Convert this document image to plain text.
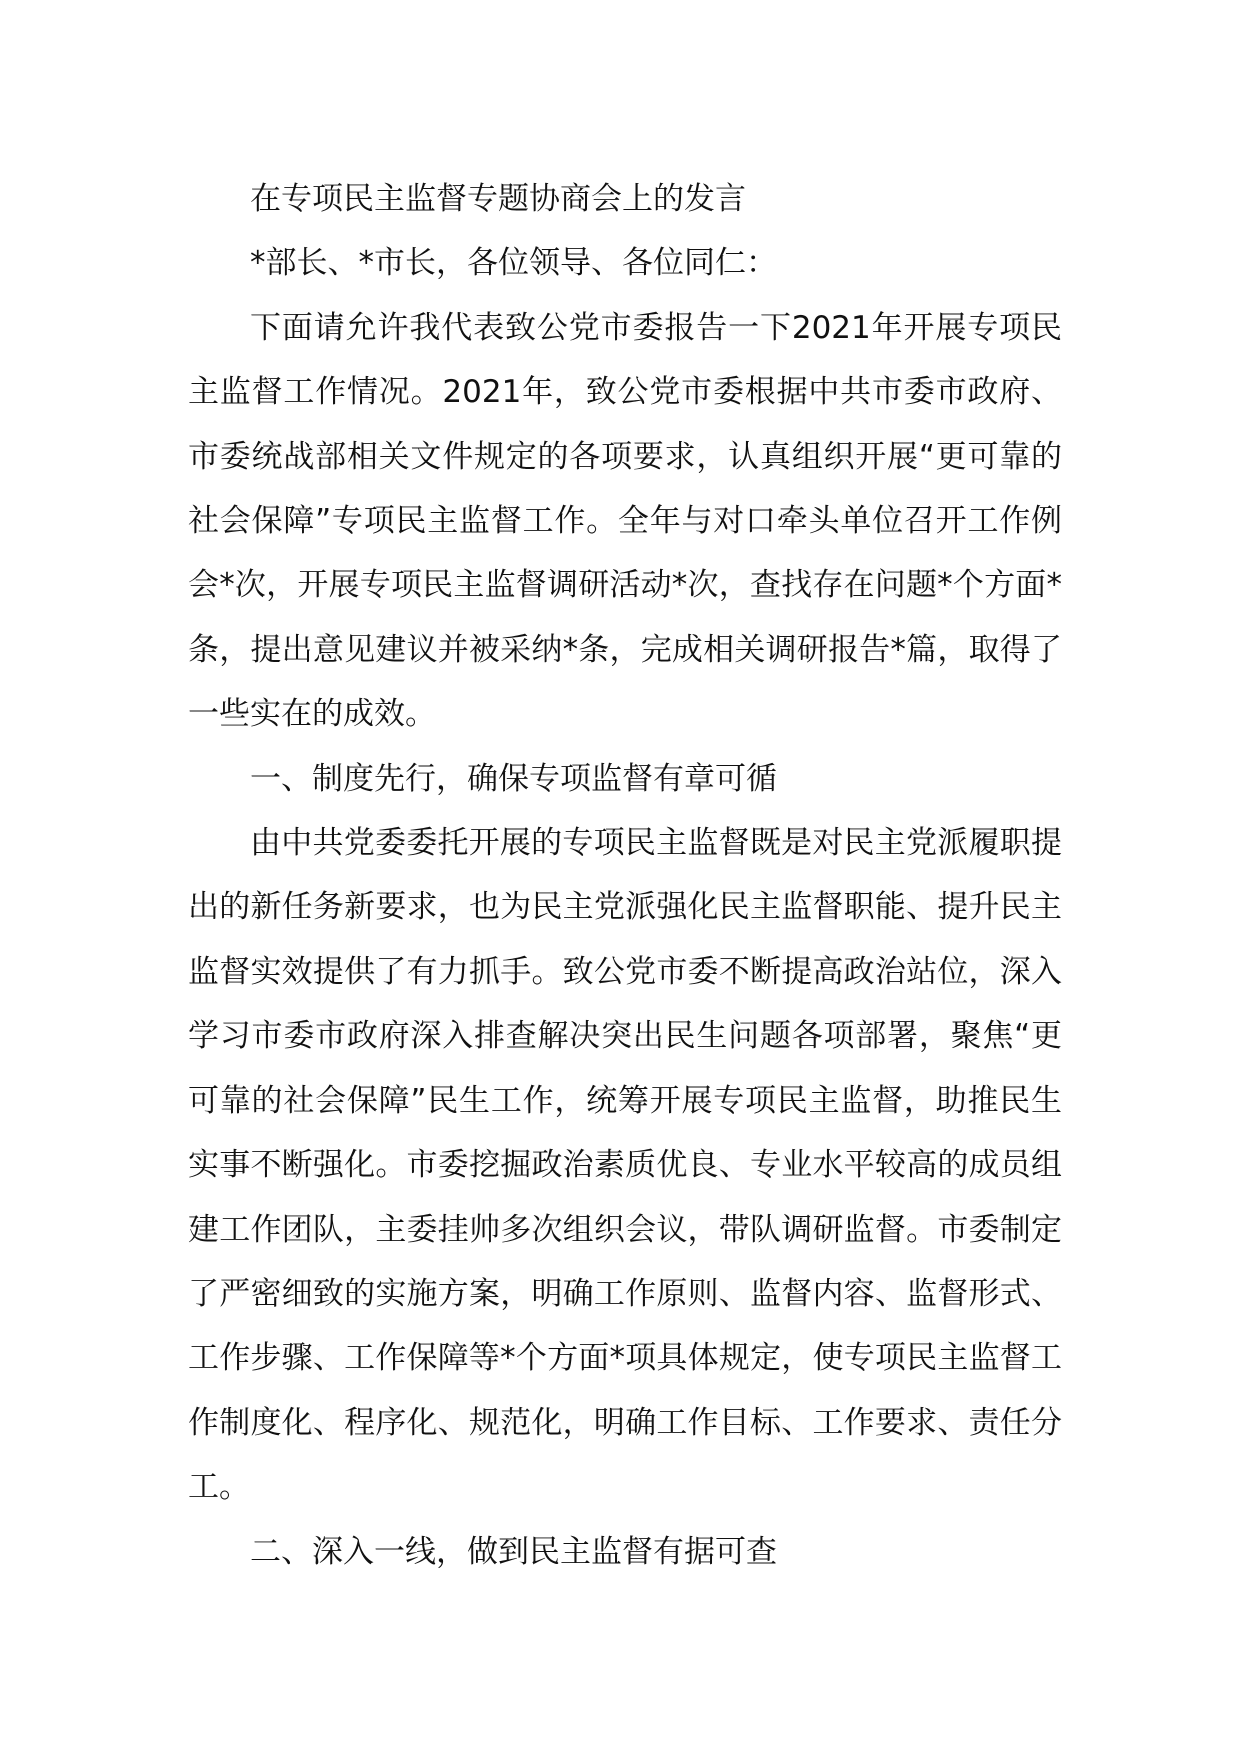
在专项民主监督专题协商会上的发言

*部长、*市长，各位领导、各位同仁：

下面请允许我代表致公党市委报告一下2021年开展专项民主监督工作情况。2021年，致公党市委根据中共市委市政府、市委统战部相关文件规定的各项要求，认真组织开展“更可靠的社会保障”专项民主监督工作。全年与对口牵头单位召开工作例会*次，开展专项民主监督调研活动*次，查找存在问题*个方面*条，提出意见建议并被采纳*条，完成相关调研报告*篇，取得了一些实在的成效。

一、制度先行，确保专项监督有章可循

由中共党委委托开展的专项民主监督既是对民主党派履职提出的新任务新要求，也为民主党派强化民主监督职能、提升民主监督实效提供了有力抓手。致公党市委不断提高政治站位，深入学习市委市政府深入排查解决突出民生问题各项部署，聚焦“更可靠的社会保障”民生工作，统筹开展专项民主监督，助推民生实事不断强化。市委挖掘政治素质优良、专业水平较高的成员组建工作团队，主委挂帅多次组织会议，带队调研监督。市委制定了严密细致的实施方案，明确工作原则、监督内容、监督形式、工作步骤、工作保障等*个方面*项具体规定，使专项民主监督工作制度化、程序化、规范化，明确工作目标、工作要求、责任分工。

二、深入一线，做到民主监督有据可查
